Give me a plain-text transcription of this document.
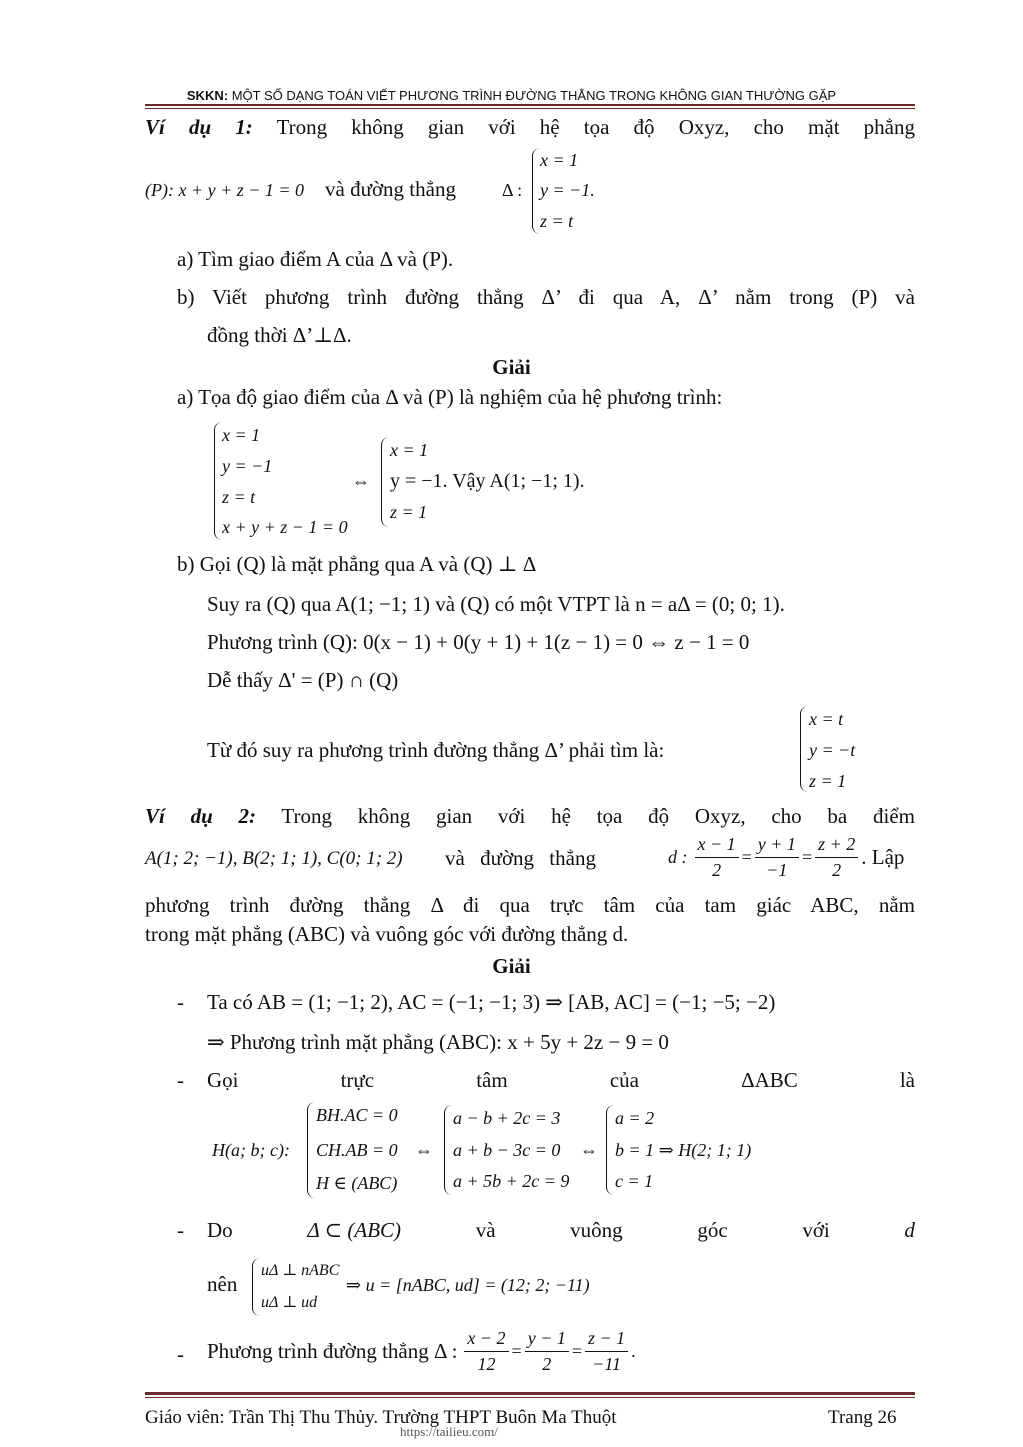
SKKN: MỘT SỐ DẠNG TOÁN VIẾT PHƯƠNG TRÌNH ĐƯỜNG THẲNG TRONG KHÔNG GIAN THƯỜNG GẶP
Ví dụ 1: Trong không gian với hệ tọa độ Oxyz, cho mặt phẳng
(P): x + y + z − 1 = 0 và đường thẳng	Δ :
x = 1
y = −1.
z = t
a) Tìm giao điểm A của Δ và (P).
b) Viết phương trình đường thẳng Δ’ đi qua A, Δ’ nằm trong (P) và
đồng thời Δ’⊥Δ.
Giải
a) Tọa độ giao điểm của Δ và (P) là nghiệm của hệ phương trình:
x = 1
y = −1
z = t
x + y + z − 1 = 0
⇔
x = 1
y = −1. Vậy A(1; −1; 1).
z = 1
b) Gọi (Q) là mặt phẳng qua A và (Q) ⊥ Δ
Suy ra (Q) qua A(1; −1; 1) và (Q) có một VTPT là n = aΔ = (0; 0; 1).
Phương trình (Q): 0(x − 1) + 0(y + 1) + 1(z − 1) = 0 ⇔ z − 1 = 0
Dễ thấy Δ' = (P) ∩ (Q)
Từ đó suy ra phương trình đường thẳng Δ’ phải tìm là:
x = t
y = −t
z = 1
Ví dụ 2: Trong không gian với hệ tọa độ Oxyz, cho ba điểm
A(1; 2; −1), B(2; 1; 1), C(0; 1; 2) và đường thẳng	d : $\frac{x - 1}{2} = \frac{y + 1}{-1} = \frac{z + 2}{2}$ . Lập
phương trình đường thẳng Δ đi qua trực tâm của tam giác ABC, nằm
trong mặt phẳng (ABC) và vuông góc với đường thẳng d.
Giải
- Ta có AB = (1; −1; 2), AC = (−1; −1; 3) ⇒ [AB, AC] = (−1; −5; −2)
⇒ Phương trình mặt phẳng (ABC): x + 5y + 2z − 9 = 0
- Gọi	trực	tâm	của	ΔABC	là
H(a; b; c):
BH.AC = 0
CH.AB = 0
H ∈ (ABC)
⇔
a − b + 2c = 3
a + b − 3c = 0
a + 5b + 2c = 9
⇔
a = 2
b = 1 ⇒ H(2; 1; 1)
c = 1
- Do	Δ ⊂ (ABC)	và	vuông	góc	với	d
nên
uΔ ⊥ nABC
uΔ ⊥ ud
⇒ u = [nABC, ud] = (12; 2; −11)
- Phương trình đường thẳng Δ : $\frac{x - 2}{12} = \frac{y - 1}{2} = \frac{z - 1}{-11}$ .
Giáo viên: Trần Thị Thu Thủy. Trường THPT Buôn Ma Thuột	Trang 26
https://tailieu.com/
